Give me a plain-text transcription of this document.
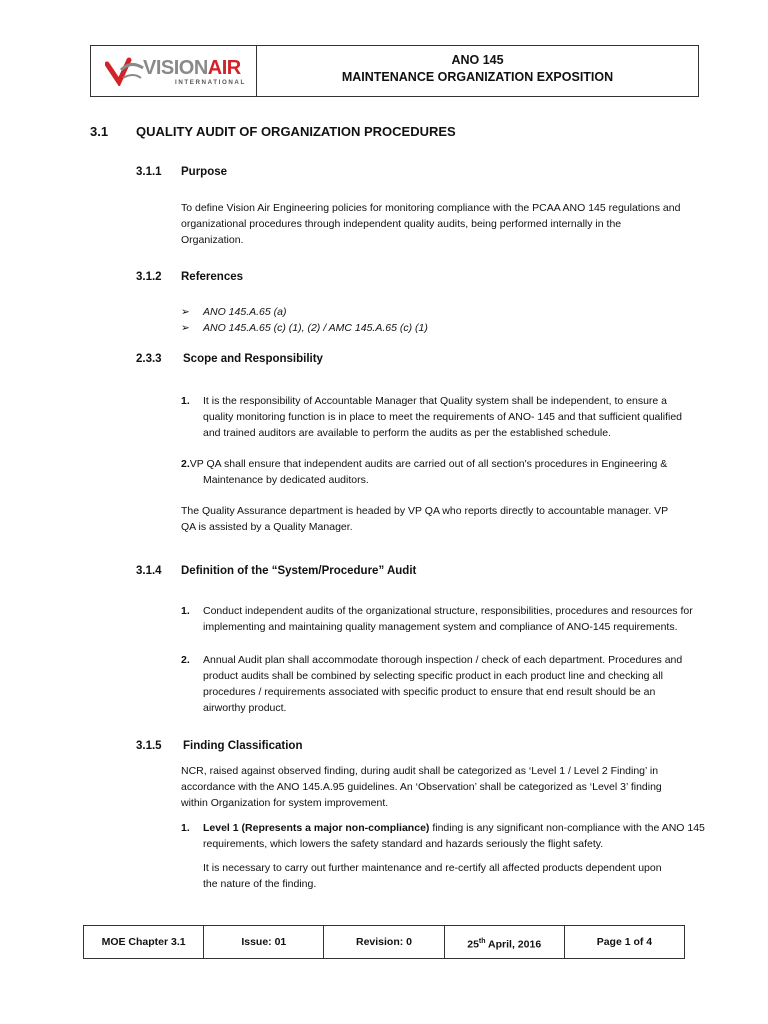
VISIONAIR
INTERNATIONAL
ANO 145
MAINTENANCE ORGANIZATION EXPOSITION
3.1 QUALITY AUDIT OF ORGANIZATION PROCEDURES
3.1.1 Purpose
To define Vision Air Engineering policies for monitoring compliance with the PCAA ANO 145 regulations and
organizational procedures through independent quality audits, being performed internally in the
Organization.
3.1.2 References
➢ ANO 145.A.65 (a)
➢ ANO 145.A.65 (c) (1), (2) / AMC 145.A.65 (c) (1)
2.3.3 Scope and Responsibility
1. It is the responsibility of Accountable Manager that Quality system shall be independent, to ensure a
quality monitoring function is in place to meet the requirements of ANO- 145 and that sufficient qualified
and trained auditors are available to perform the audits as per the established schedule.
2.VP QA shall ensure that independent audits are carried out of all section's procedures in Engineering &
Maintenance by dedicated auditors.
The Quality Assurance department is headed by VP QA who reports directly to accountable manager. VP
QA is assisted by a Quality Manager.
3.1.4 Definition of the “System/Procedure” Audit
1. Conduct independent audits of the organizational structure, responsibilities, procedures and resources for
implementing and maintaining quality management system and compliance of ANO-145 requirements.
2. Annual Audit plan shall accommodate thorough inspection / check of each department. Procedures and
product audits shall be combined by selecting specific product in each product line and checking all
procedures / requirements associated with specific product to ensure that end result should be an
airworthy product.
3.1.5 Finding Classification
NCR, raised against observed finding, during audit shall be categorized as ‘Level 1 / Level 2 Finding’ in
accordance with the ANO 145.A.95 guidelines. An ‘Observation’ shall be categorized as ‘Level 3’ finding
within Organization for system improvement.
1. Level 1 (Represents a major non-compliance) finding is any significant non-compliance with the ANO 145
requirements, which lowers the safety standard and hazards seriously the flight safety.
It is necessary to carry out further maintenance and re-certify all affected products dependent upon
the nature of the finding.
MOE Chapter 3.1	Issue: 01	Revision: 0	25th April, 2016	Page 1 of 4
